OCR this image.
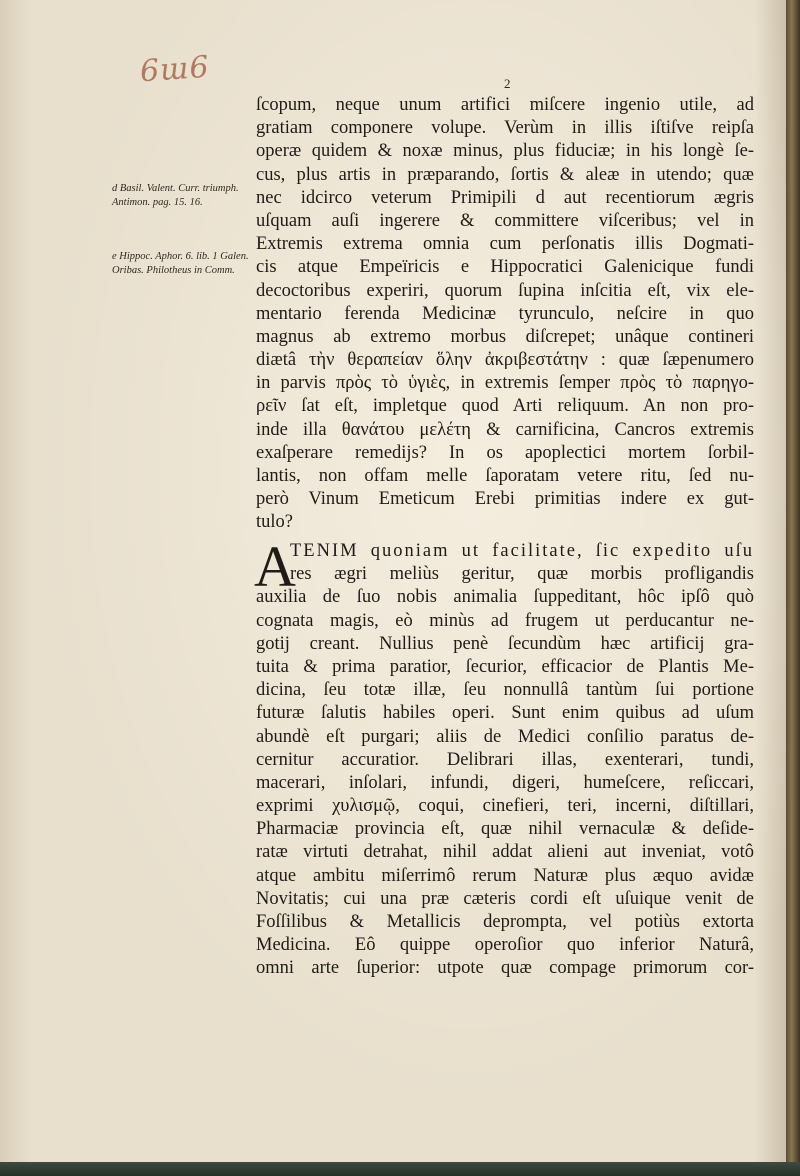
6ɯ6	2

d Basil. Valent. Curr. triumph. Antimon. pag. 15. 16.

e Hippoc. Aphor. 6. lib. 1 Galen. Oribas. Philotheus in Comm.

ſcopum, neque unum artifici miſcere ingenio utile, ad
gratiam componere volupe. Verùm in illis iſtiſve reipſa
operæ quidem & noxæ minus, plus fiduciæ; in his longè ſe-
cus, plus artis in præparando, ſortis & aleæ in utendo; quæ
nec idcirco veterum Primipili d aut recentiorum ægris
uſquam auſi ingerere & committere viſceribus; vel in
Extremis extrema omnia cum perſonatis illis Dogmati-
cis atque Empeïricis e Hippocratici Galenicique fundi
decoctoribus experiri, quorum ſupina inſcitia eſt, vix ele-
mentario ferenda Medicinæ tyrunculo, neſcire in quo
magnus ab extremo morbus diſcrepet; unâque contineri
diætâ τὴν θεραπείαν ὅλην ἀκριβεστάτην : quæ ſæpenumero
in parvis πρὸς τὸ ὑγιὲς, in extremis ſemper πρὸς τὸ παρηγο-
ρεῖν ſat eſt, impletque quod Arti reliquum. An non pro-
inde illa θανάτου μελέτη & carnificina, Cancros extremis
exaſperare remedijs? In os apoplectici mortem ſorbil-
lantis, non offam melle ſaporatam vetere ritu, ſed nu-
però Vinum Emeticum Erebi primitias indere ex gut-
tulo?
A
TENIM quoniam ut facilitate, ſic expedito uſu
res ægri meliùs geritur, quæ morbis profligandis
auxilia de ſuo nobis animalia ſuppeditant, hôc ipſô quò
cognata magis, eò minùs ad frugem ut perducantur ne-
gotij creant. Nullius penè ſecundùm hæc artificij gra-
tuita & prima paratior, ſecurior, efficacior de Plantis Me-
dicina, ſeu totæ illæ, ſeu nonnullâ tantùm ſui portione
futuræ ſalutis habiles operi. Sunt enim quibus ad uſum
abundè eſt purgari; aliis de Medici conſilio paratus de-
cernitur accuratior. Delibrari illas, exenterari, tundi,
macerari, inſolari, infundi, digeri, humeſcere, reſiccari,
exprimi χυλισμῷ, coqui, cinefieri, teri, incerni, diſtillari,
Pharmaciæ provincia eſt, quæ nihil vernaculæ & deſide-
ratæ virtuti detrahat, nihil addat alieni aut inveniat, votô
atque ambitu miſerrimô rerum Naturæ plus æquo avidæ
Novitatis; cui una præ cæteris cordi eſt uſuique venit de
Foſſilibus & Metallicis deprompta, vel potiùs extorta
Medicina. Eô quippe operoſior quo inferior Naturâ,
omni arte ſuperior: utpote quæ compage primorum cor-
